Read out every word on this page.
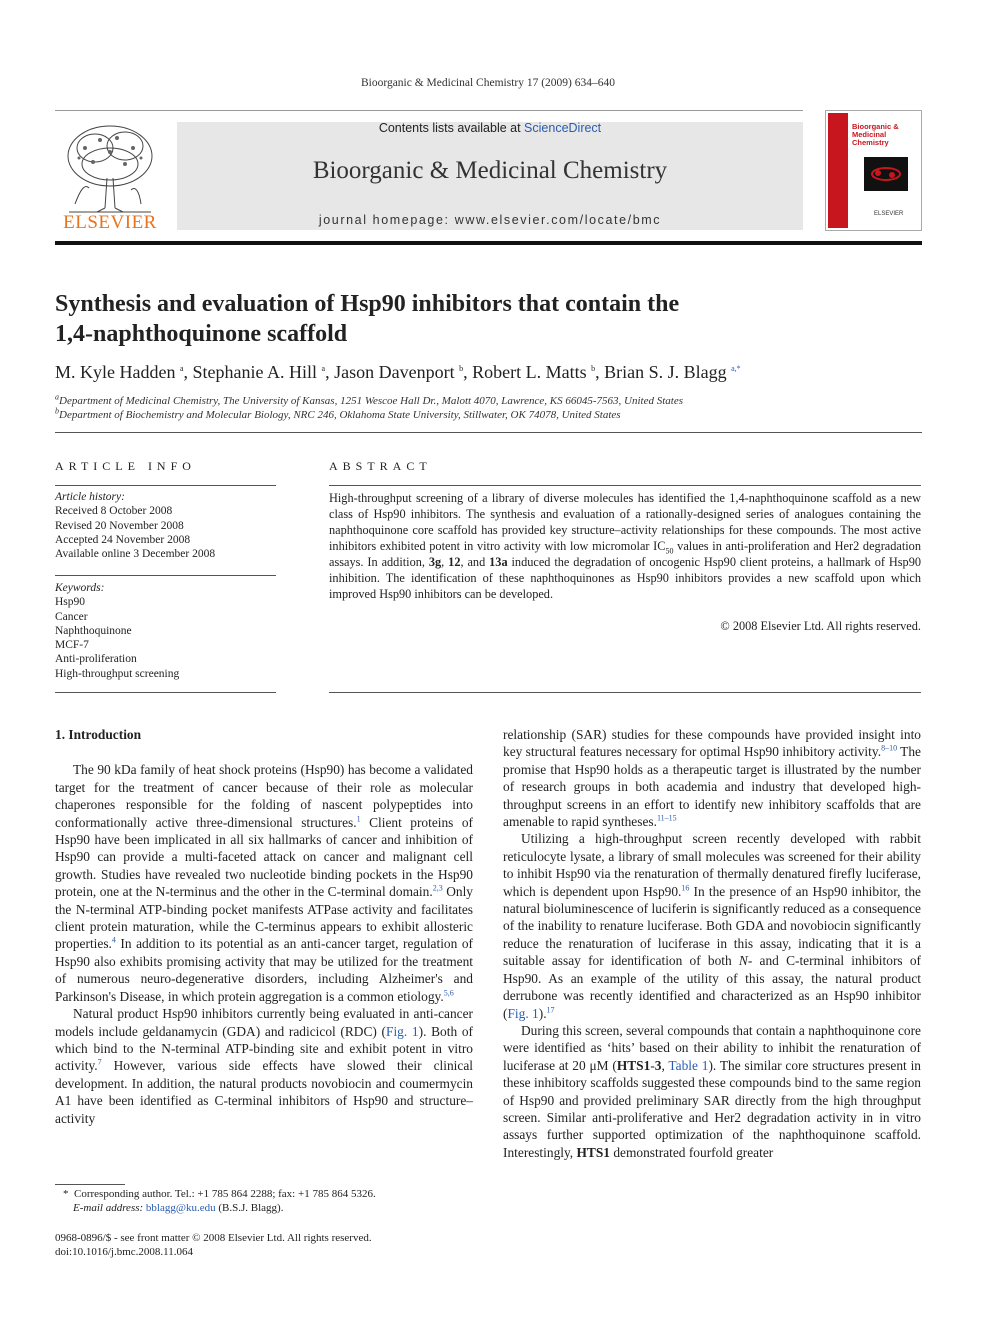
Bioorganic & Medicinal Chemistry 17 (2009) 634–640
ELSEVIER
Contents lists available at ScienceDirect
Bioorganic & Medicinal Chemistry
journal homepage: www.elsevier.com/locate/bmc
Bioorganic & Medicinal Chemistry
ELSEVIER
Synthesis and evaluation of Hsp90 inhibitors that contain the
1,4-naphthoquinone scaffold
M. Kyle Hadden $^a$, Stephanie A. Hill $^a$, Jason Davenport $^b$, Robert L. Matts $^b$, Brian S. J. Blagg $^{a,*}$
$^a$Department of Medicinal Chemistry, The University of Kansas, 1251 Wescoe Hall Dr., Malott 4070, Lawrence, KS 66045-7563, United States
$^b$Department of Biochemistry and Molecular Biology, NRC 246, Oklahoma State University, Stillwater, OK 74078, United States
ARTICLE INFO	ABSTRACT
Article history:
Received 8 October 2008
Revised 20 November 2008
Accepted 24 November 2008
Available online 3 December 2008
Keywords:
Hsp90
Cancer
Naphthoquinone
MCF-7
Anti-proliferation
High-throughput screening
High-throughput screening of a library of diverse molecules has identified the 1,4-naphthoquinone scaffold as a new class of Hsp90 inhibitors. The synthesis and evaluation of a rationally-designed series of analogues containing the naphthoquinone core scaffold has provided key structure–activity relationships for these compounds. The most active inhibitors exhibited potent in vitro activity with low micromolar $IC_{50}$ values in anti-proliferation and Her2 degradation assays. In addition, 3g, 12, and 13a induced the degradation of oncogenic Hsp90 client proteins, a hallmark of Hsp90 inhibition. The identification of these naphthoquinones as Hsp90 inhibitors provides a new scaffold upon which improved Hsp90 inhibitors can be developed.
© 2008 Elsevier Ltd. All rights reserved.
1. Introduction

The 90 kDa family of heat shock proteins (Hsp90) has become a validated target for the treatment of cancer because of their role as molecular chaperones responsible for the folding of nascent polypeptides into conformationally active three-dimensional structures.$^1$ Client proteins of Hsp90 have been implicated in all six hallmarks of cancer and inhibition of Hsp90 can provide a multi-faceted attack on cancer and malignant cell growth. Studies have revealed two nucleotide binding pockets in the Hsp90 protein, one at the N-terminus and the other in the C-terminal domain.$^{2,3}$ Only the N-terminal ATP-binding pocket manifests ATPase activity and facilitates client protein maturation, while the C-terminus appears to exhibit allosteric properties.$^4$ In addition to its potential as an anti-cancer target, regulation of Hsp90 also exhibits promising activity that may be utilized for the treatment of numerous neuro-degenerative disorders, including Alzheimer's and Parkinson's Disease, in which protein aggregation is a common etiology.$^{5,6}$

Natural product Hsp90 inhibitors currently being evaluated in anti-cancer models include geldanamycin (GDA) and radicicol (RDC) (Fig. 1). Both of which bind to the N-terminal ATP-binding site and exhibit potent in vitro activity.$^7$ However, various side effects have slowed their clinical development. In addition, the natural products novobiocin and coumermycin A1 have been identified as C-terminal inhibitors of Hsp90 and structure–activity

relationship (SAR) studies for these compounds have provided insight into key structural features necessary for optimal Hsp90 inhibitory activity.$^{8-10}$ The promise that Hsp90 holds as a therapeutic target is illustrated by the number of research groups in both academia and industry that developed high-throughput screens in an effort to identify new inhibitory scaffolds that are amenable to rapid syntheses.$^{11-15}$

Utilizing a high-throughput screen recently developed with rabbit reticulocyte lysate, a library of small molecules was screened for their ability to inhibit Hsp90 via the renaturation of thermally denatured firefly luciferase, which is dependent upon Hsp90.16 In the presence of an Hsp90 inhibitor, the natural bioluminescence of luciferin is significantly reduced as a consequence of the inability to renature luciferase. Both GDA and novobiocin significantly reduce the renaturation of luciferase in this assay, indicating that it is a suitable assay for identification of both N- and C-terminal inhibitors of Hsp90. As an example of the utility of this assay, the natural product derrubone was recently identified and characterized as an Hsp90 inhibitor (Fig. 1).$^{17}$

During this screen, several compounds that contain a naphthoquinone core were identified as ‘hits’ based on their ability to inhibit the renaturation of luciferase at 20 μM (HTS1-3, Table 1). The similar core structures present in these inhibitory scaffolds suggested these compounds bind to the same region of Hsp90 and provided preliminary SAR directly from the high throughput screen. Similar anti-proliferative and Her2 degradation activity in in vitro assays further supported optimization of the naphthoquinone scaffold. Interestingly, HTS1 demonstrated fourfold greater

*  Corresponding author. Tel.: +1 785 864 2288; fax: +1 785 864 5326.
E-mail address: bblagg@ku.edu (B.S.J. Blagg).
0968-0896/$ - see front matter © 2008 Elsevier Ltd. All rights reserved.
doi:10.1016/j.bmc.2008.11.064
